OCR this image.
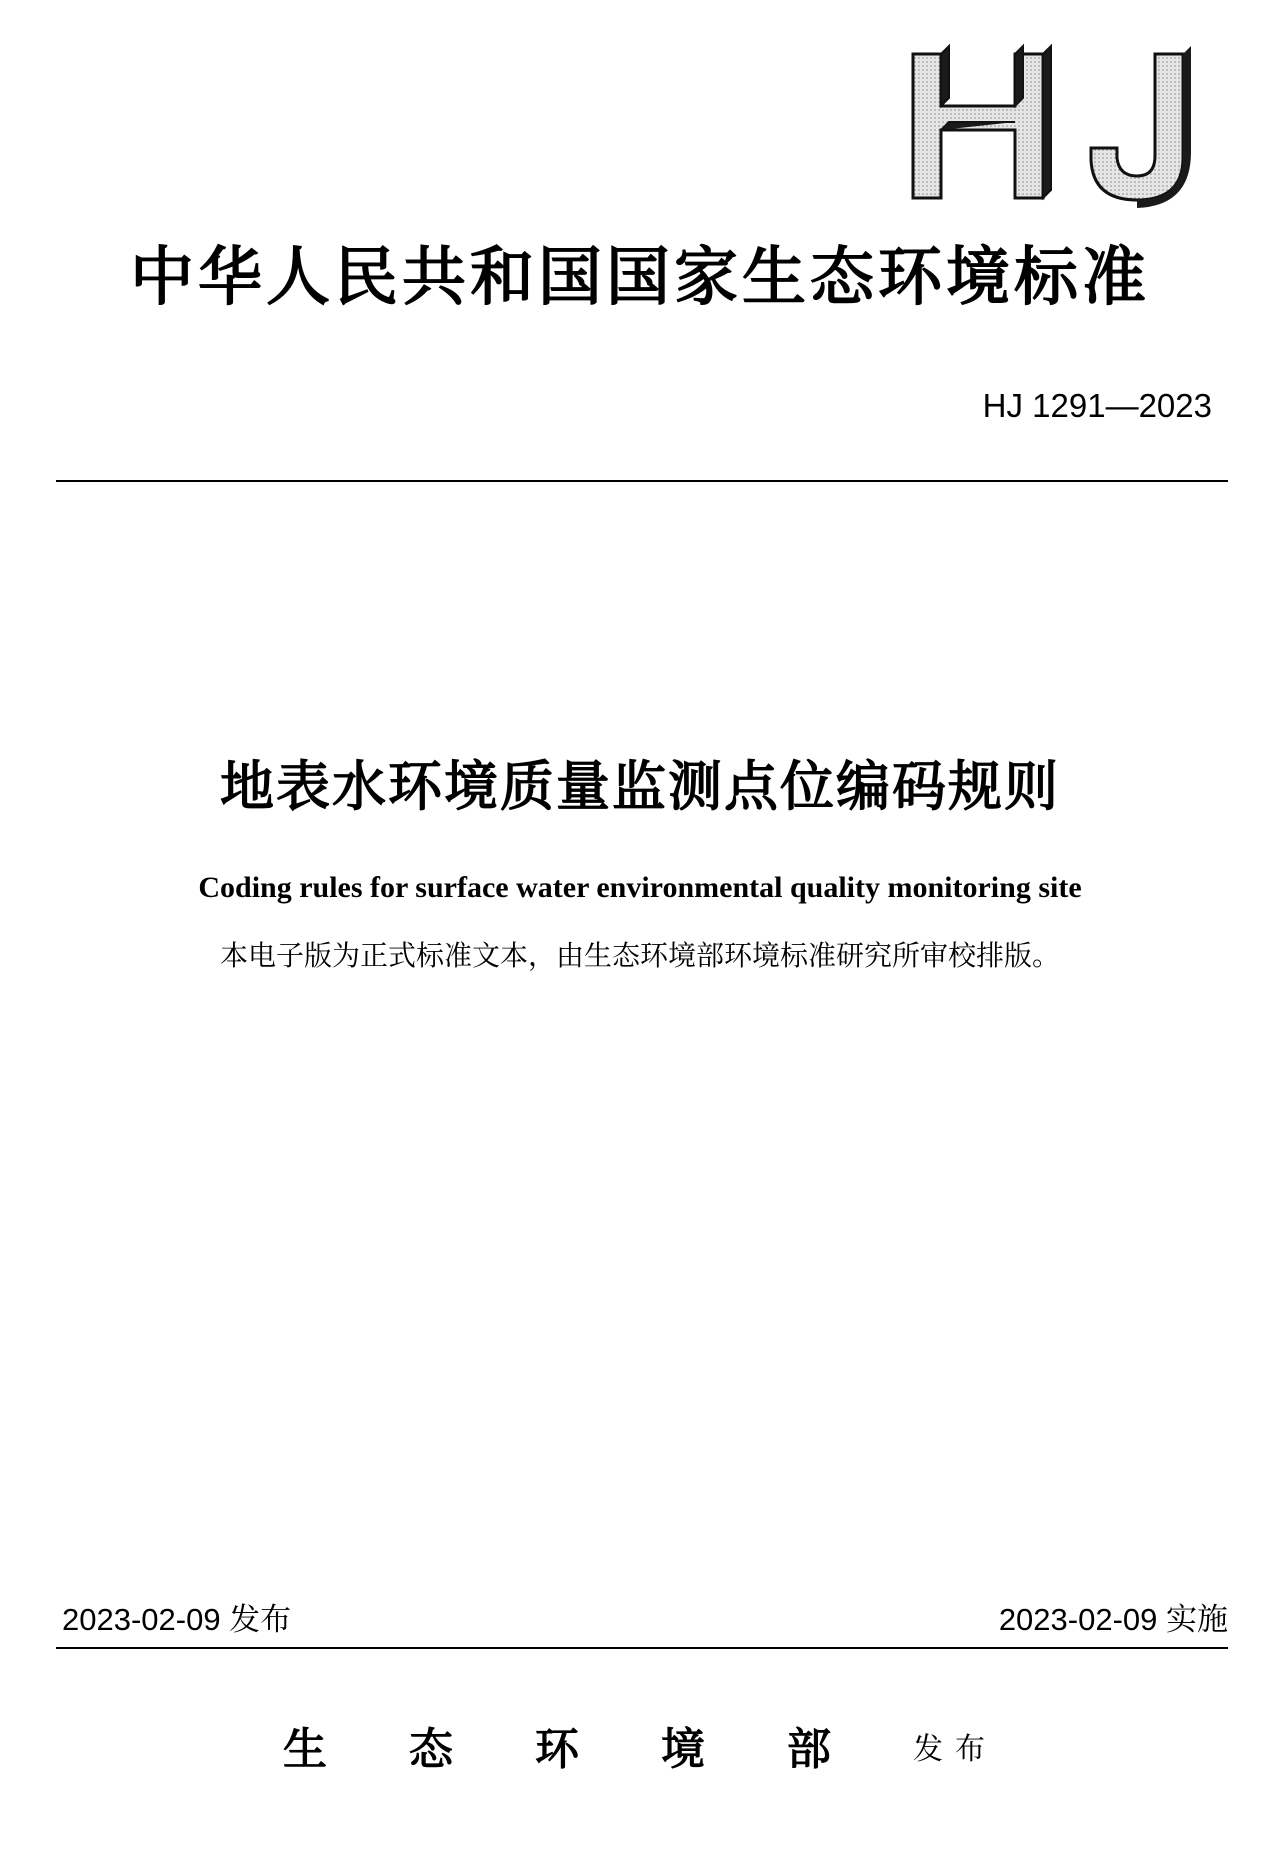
中华人民共和国国家生态环境标准
HJ 1291—2023
地表水环境质量监测点位编码规则
Coding rules for surface water environmental quality monitoring site
本电子版为正式标准文本，由生态环境部环境标准研究所审校排版。
2023-02-09 发布	2023-02-09 实施
生态环境部发布
